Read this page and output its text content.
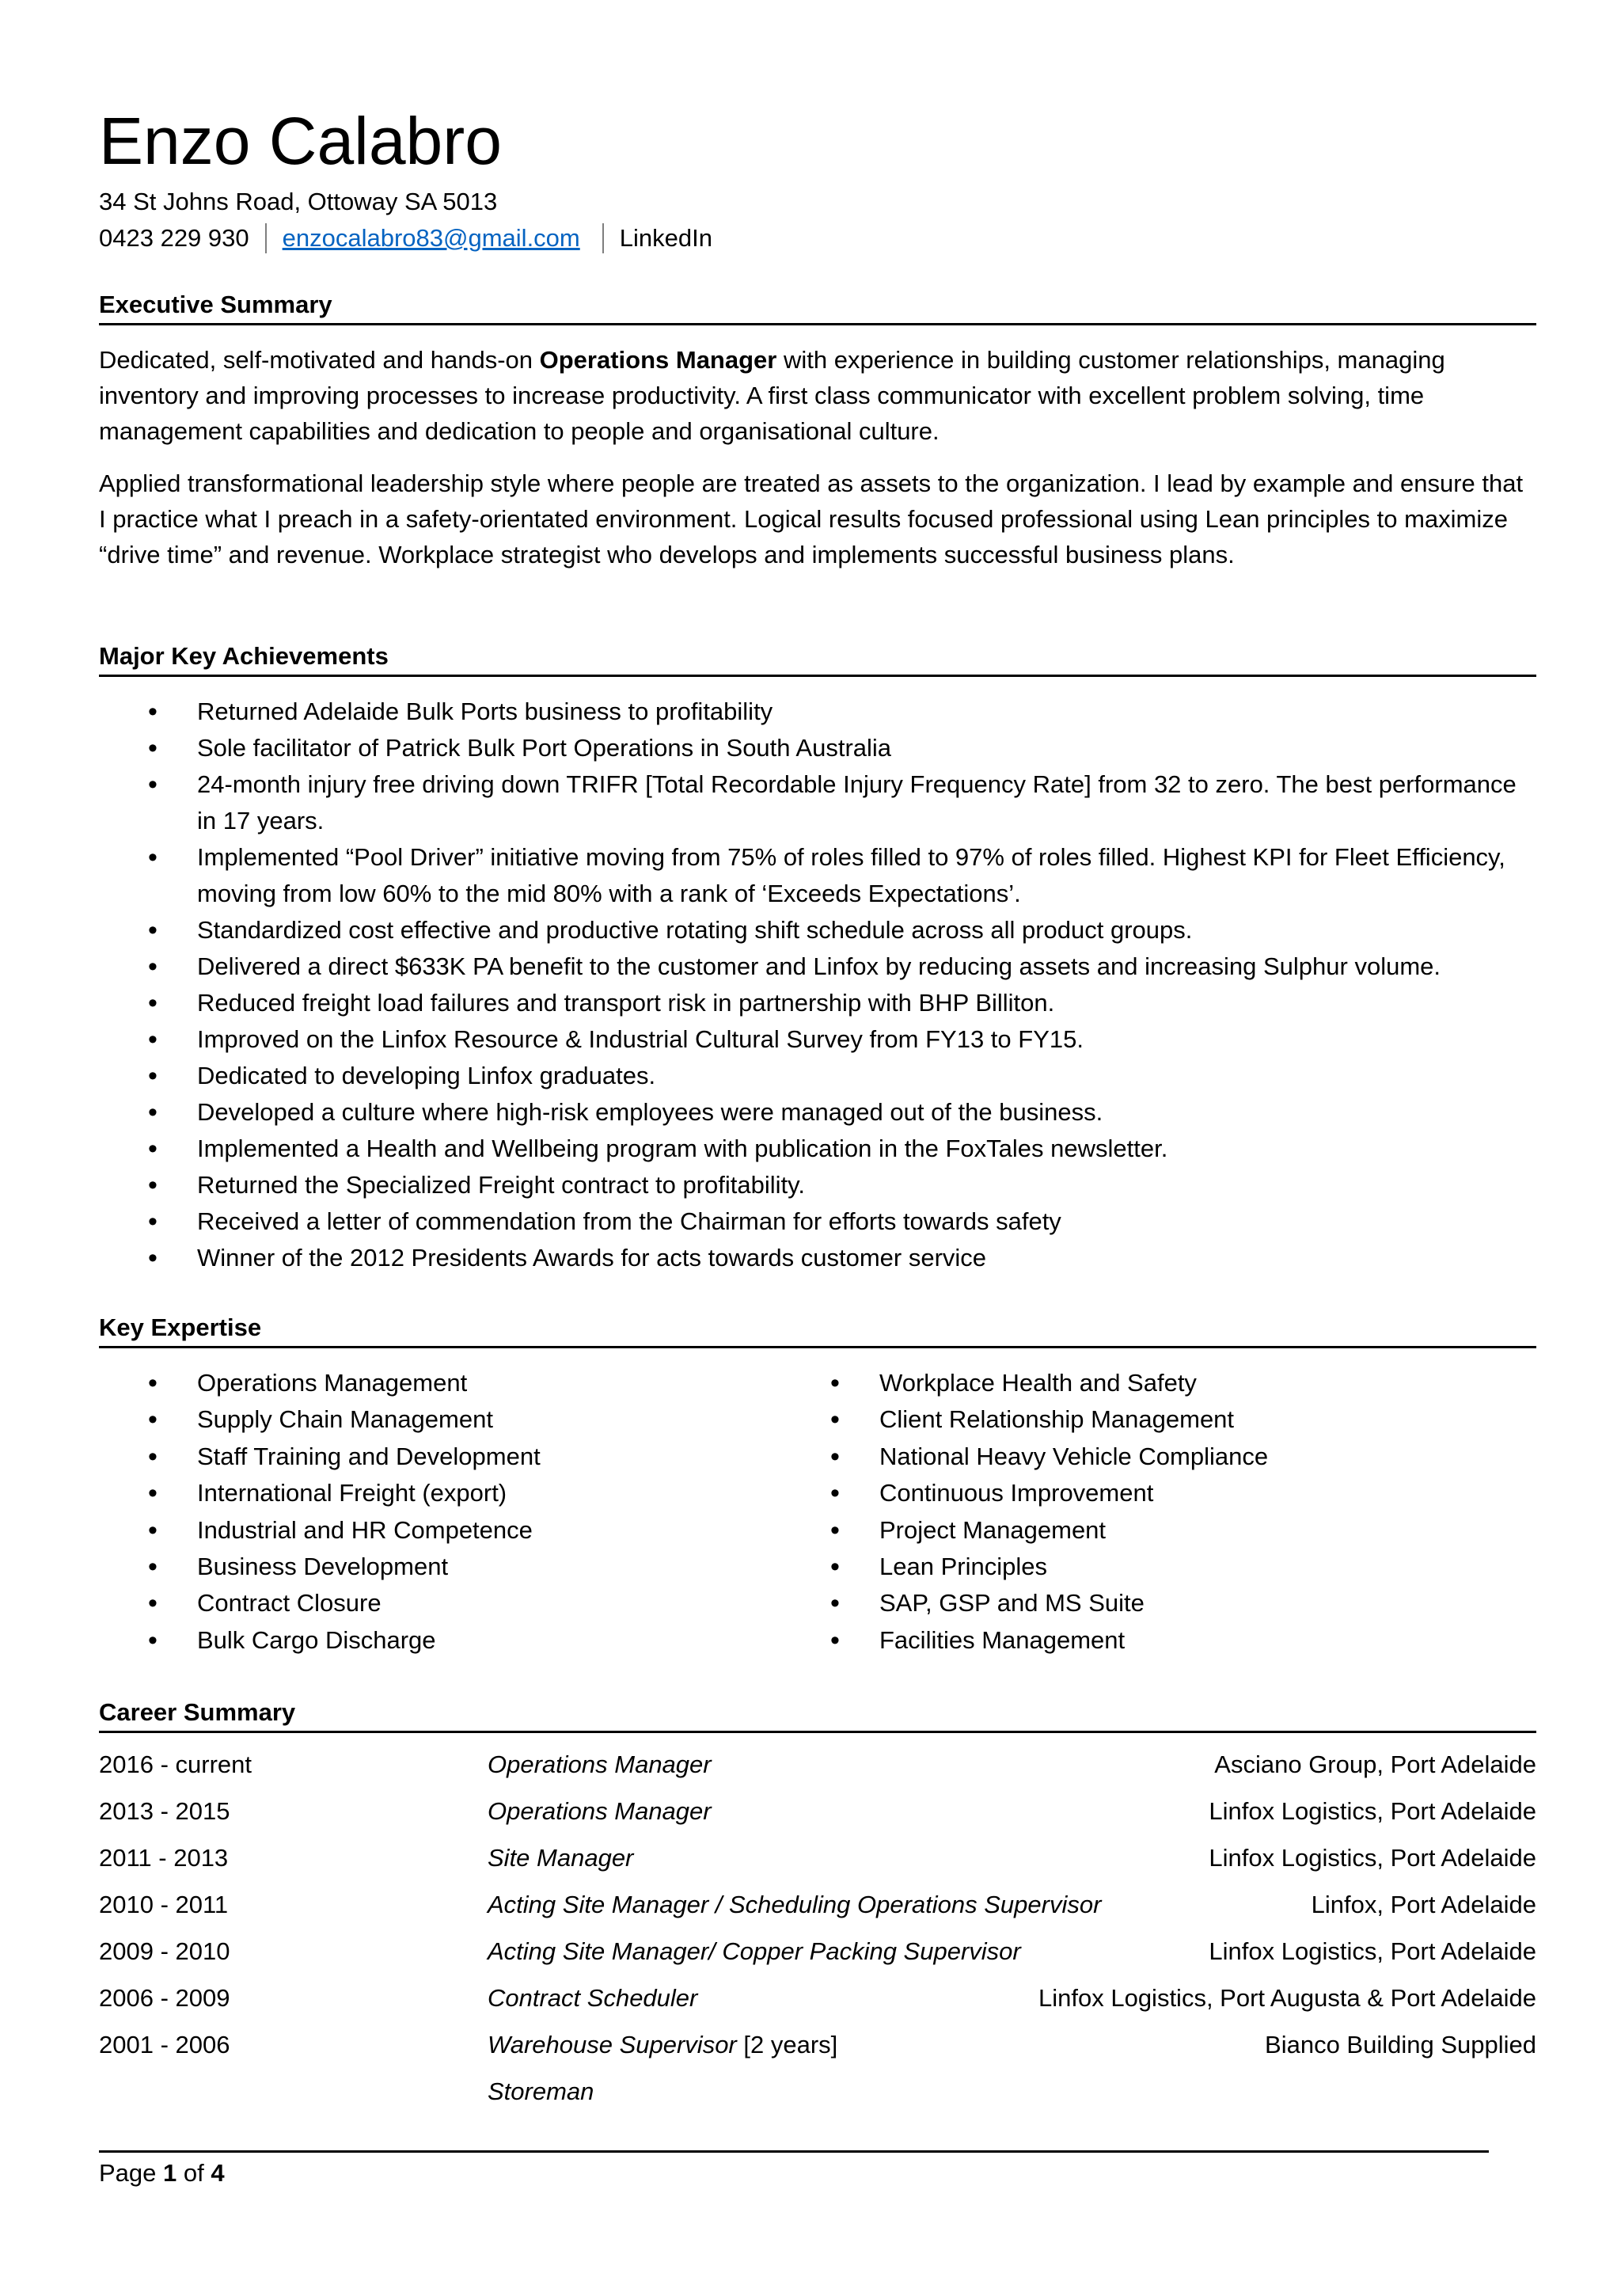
Enzo Calabro
34 St Johns Road, Ottoway SA 5013
0423 229 930 enzocalabro83@gmail.com LinkedIn
Executive Summary

Dedicated, self-motivated and hands-on Operations Manager with experience in building customer relationships, managing inventory and improving processes to increase productivity. A first class communicator with excellent problem solving, time management capabilities and dedication to people and organisational culture.

Applied transformational leadership style where people are treated as assets to the organization. I lead by example and ensure that I practice what I preach in a safety-orientated environment. Logical results focused professional using Lean principles to maximize “drive time” and revenue. Workplace strategist who develops and implements successful business plans.

Major Key Achievements
• Returned Adelaide Bulk Ports business to profitability
• Sole facilitator of Patrick Bulk Port Operations in South Australia
• 24-month injury free driving down TRIFR [Total Recordable Injury Frequency Rate] from 32 to zero. The best performance in 17 years.
• Implemented “Pool Driver” initiative moving from 75% of roles filled to 97% of roles filled. Highest KPI for Fleet Efficiency, moving from low 60% to the mid 80% with a rank of ‘Exceeds Expectations’.
• Standardized cost effective and productive rotating shift schedule across all product groups.
• Delivered a direct $633K PA benefit to the customer and Linfox by reducing assets and increasing Sulphur volume.
• Reduced freight load failures and transport risk in partnership with BHP Billiton.
• Improved on the Linfox Resource & Industrial Cultural Survey from FY13 to FY15.
• Dedicated to developing Linfox graduates.
• Developed a culture where high-risk employees were managed out of the business.
• Implemented a Health and Wellbeing program with publication in the FoxTales newsletter.
• Returned the Specialized Freight contract to profitability.
• Received a letter of commendation from the Chairman for efforts towards safety
• Winner of the 2012 Presidents Awards for acts towards customer service
Key Expertise
• Operations Management
• Supply Chain Management
• Staff Training and Development
• International Freight (export)
• Industrial and HR Competence
• Business Development
• Contract Closure
• Bulk Cargo Discharge
• Workplace Health and Safety
• Client Relationship Management
• National Heavy Vehicle Compliance
• Continuous Improvement
• Project Management
• Lean Principles
• SAP, GSP and MS Suite
• Facilities Management
Career Summary
2016 - current	Operations Manager	Asciano Group, Port Adelaide
2013 - 2015	Operations Manager	Linfox Logistics, Port Adelaide
2011 - 2013	Site Manager	Linfox Logistics, Port Adelaide
2010 - 2011	Acting Site Manager / Scheduling Operations Supervisor	Linfox, Port Adelaide
2009 - 2010	Acting Site Manager/ Copper Packing Supervisor	Linfox Logistics, Port Adelaide
2006 - 2009	Contract Scheduler	Linfox Logistics, Port Augusta & Port Adelaide
2001 - 2006	Warehouse Supervisor [2 years]	Bianco Building Supplied
Storeman
Page 1 of 4
